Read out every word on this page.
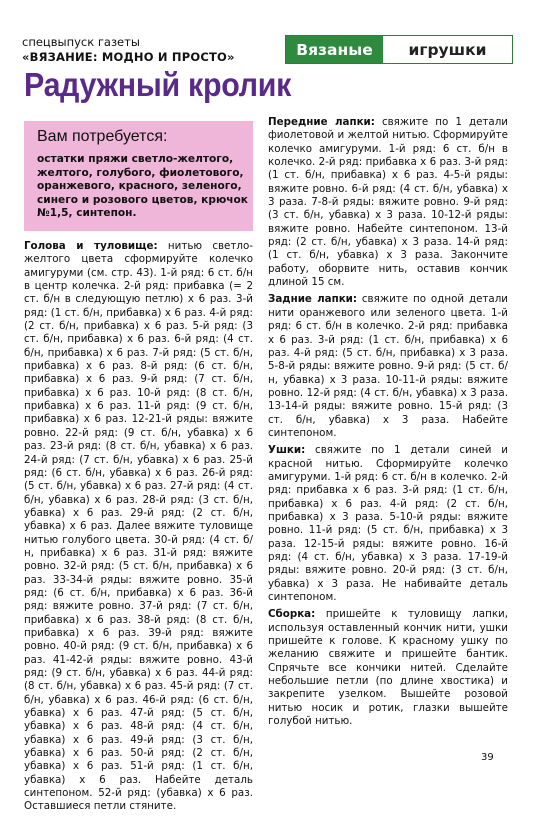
спецвыпуск газеты
«ВЯЗАНИЕ: МОДНО И ПРОСТО»	Вязаные	игрушки
Радужный кролик
Вам потребуется:
остатки пряжи светло-желтого, желтого, голубого, фиолетового, оранжевого, красного, зеленого, синего и розового цветов, крючок №1,5, синтепон.

Голова и туловище: нитью светло-желтого цвета сформируйте колечко амигуруми (см. стр. 43). 1-й ряд: 6 ст. б/н в центр колечка. 2-й ряд: прибавка (= 2 ст. б/н в следующую петлю) x 6 раз. 3-й ряд: (1 ст. б/н, прибавка) x 6 раз. 4-й ряд: (2 ст. б/н, прибавка) x 6 раз. 5-й ряд: (3 ст. б/н, прибавка) x 6 раз. 6-й ряд: (4 ст. б/н, прибавка) x 6 раз. 7-й ряд: (5 ст. б/н, прибавка) x 6 раз. 8-й ряд: (6 ст. б/н, прибавка) x 6 раз. 9-й ряд: (7 ст. б/н, прибавка) x 6 раз. 10-й ряд: (8 ст. б/н, прибавка) x 6 раз. 11-й ряд: (9 ст. б/н, прибавка) x 6 раз. 12-21-й ряды: вяжите ровно. 22-й ряд: (9 ст. б/н, убавка) x 6 раз. 23-й ряд: (8 ст. б/н, убавка) x 6 раз. 24-й ряд: (7 ст. б/н, убавка) x 6 раз. 25-й ряд: (6 ст. б/н, убавка) x 6 раз. 26-й ряд: (5 ст. б/н, убавка) x 6 раз. 27-й ряд: (4 ст. б/н, убавка) x 6 раз. 28-й ряд: (3 ст. б/н, убавка) x 6 раз. 29-й ряд: (2 ст. б/н, убавка) x 6 раз. Далее вяжите туловище нитью голубого цвета. 30-й ряд: (4 ст. б/н, прибавка) x 6 раз. 31-й ряд: вяжите ровно. 32-й ряд: (5 ст. б/н, прибавка) x 6 раз. 33-34-й ряды: вяжите ровно. 35-й ряд: (6 ст. б/н, прибавка) x 6 раз. 36-й ряд: вяжите ровно. 37-й ряд: (7 ст. б/н, прибавка) x 6 раз. 38-й ряд: (8 ст. б/н, прибавка) x 6 раз. 39-й ряд: вяжите ровно. 40-й ряд: (9 ст. б/н, прибавка) x 6 раз. 41-42-й ряды: вяжите ровно. 43-й ряд: (9 ст. б/н, убавка) x 6 раз. 44-й ряд: (8 ст. б/н, убавка) x 6 раз. 45-й ряд: (7 ст. б/н, убавка) x 6 раз. 46-й ряд: (6 ст. б/н, убавка) x 6 раз. 47-й ряд: (5 ст. б/н, убавка) x 6 раз. 48-й ряд: (4 ст. б/н, убавка) x 6 раз. 49-й ряд: (3 ст. б/н, убавка) x 6 раз. 50-й ряд: (2 ст. б/н, убавка) x 6 раз. 51-й ряд: (1 ст. б/н, убавка) x 6 раз. Набейте деталь синтепоном. 52-й ряд: (убавка) x 6 раз. Оставшиеся петли стяните.

Передние лапки: свяжите по 1 детали фиолетовой и желтой нитью. Сформируйте колечко амигуруми. 1-й ряд: 6 ст. б/н в колечко. 2-й ряд: прибавка x 6 раз. 3-й ряд: (1 ст. б/н, прибавка) x 6 раз. 4-5-й ряды: вяжите ровно. 6-й ряд: (4 ст. б/н, убавка) x 3 раза. 7-8-й ряды: вяжите ровно. 9-й ряд: (3 ст. б/н, убавка) x 3 раза. 10-12-й ряды: вяжите ровно. Набейте синтепоном. 13-й ряд: (2 ст. б/н, убавка) x 3 раза. 14-й ряд: (1 ст. б/н, убавка) x 3 раза. Закончите работу, оборвите нить, оставив кончик длиной 15 см.

Задние лапки: свяжите по одной детали нити оранжевого или зеленого цвета. 1-й ряд: 6 ст. б/н в колечко. 2-й ряд: прибавка x 6 раз. 3-й ряд: (1 ст. б/н, прибавка) x 6 раз. 4-й ряд: (5 ст. б/н, прибавка) x 3 раза. 5-8-й ряды: вяжите ровно. 9-й ряд: (5 ст. б/н, убавка) x 3 раза. 10-11-й ряды: вяжите ровно. 12-й ряд: (4 ст. б/н, убавка) x 3 раза. 13-14-й ряды: вяжите ровно. 15-й ряд: (3 ст. б/н, убавка) x 3 раза. Набейте синтепоном.

Ушки: свяжите по 1 детали синей и красной нитью. Сформируйте колечко амигуруми. 1-й ряд: 6 ст. б/н в колечко. 2-й ряд: прибавка x 6 раз. 3-й ряд: (1 ст. б/н, прибавка) x 6 раз. 4-й ряд: (2 ст. б/н, прибавка) x 3 раза. 5-10-й ряды: вяжите ровно. 11-й ряд: (5 ст. б/н, прибавка) x 3 раза. 12-15-й ряды: вяжите ровно. 16-й ряд: (4 ст. б/н, убавка) x 3 раза. 17-19-й ряды: вяжите ровно. 20-й ряд: (3 ст. б/н, убавка) x 3 раза. Не набивайте деталь синтепоном.

Сборка: пришейте к туловищу лапки, используя оставленный кончик нити, ушки пришейте к голове. К красному ушку по желанию свяжите и пришейте бантик. Спрячьте все кончики нитей. Сделайте небольшие петли (по длине хвостика) и закрепите узелком. Вышейте розовой нитью носик и ротик, глазки вышейте голубой нитью.

39
